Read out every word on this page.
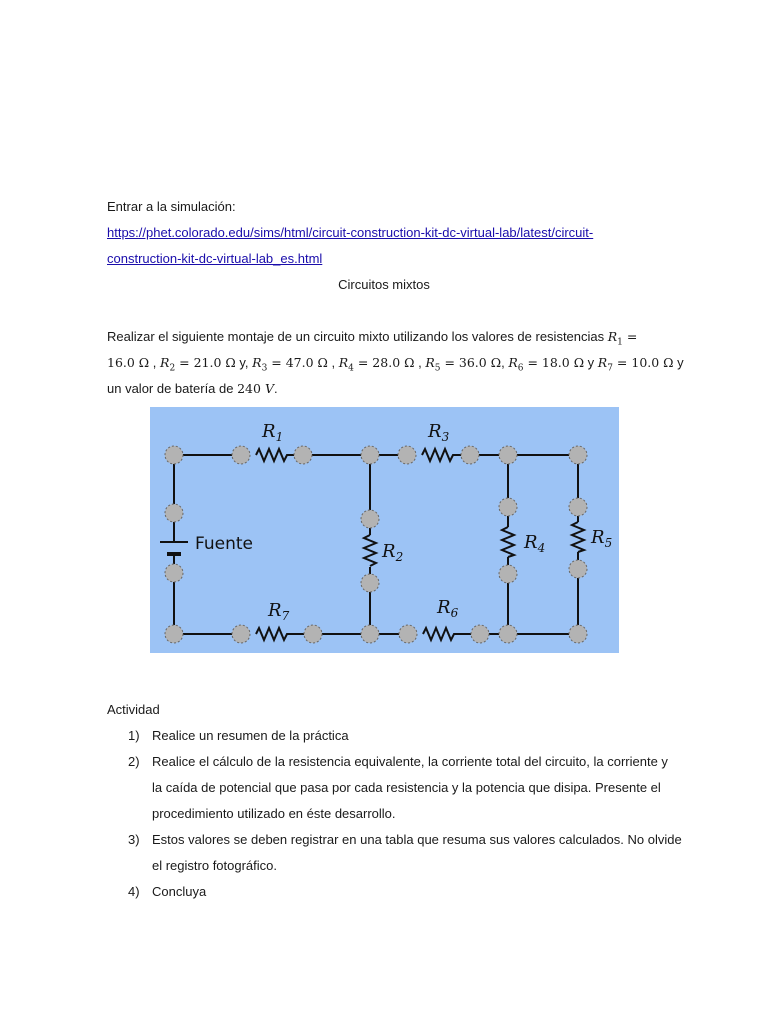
Entrar a la simulación:
https://phet.colorado.edu/sims/html/circuit-construction-kit-dc-virtual-lab/latest/circuit-
construction-kit-dc-virtual-lab_es.html
Circuitos mixtos
Realizar el siguiente montaje de un circuito mixto utilizando los valores de resistencias $R_1$ =
16.0 Ω , $R_2 = 21.0$ Ω y, $R_3 = 47.0$ Ω , $R_4 = 28.0$ Ω , $R_5 = 36.0$ Ω, $R_6 = 18.0$ Ω y $R_7 = 10.0$ Ω y
un valor de batería de 240 V.
$R_1$	$R_3$
$R_2$
$R_4$	$R_5$
$R_6$
$R_7$
Fuente
Actividad
1) Realice un resumen de la práctica
2) Realice el cálculo de la resistencia equivalente, la corriente total del circuito, la corriente y
la caída de potencial que pasa por cada resistencia y la potencia que disipa. Presente el
procedimiento utilizado en éste desarrollo.
3) Estos valores se deben registrar en una tabla que resuma sus valores calculados. No olvide
el registro fotográfico.
4) Concluya
